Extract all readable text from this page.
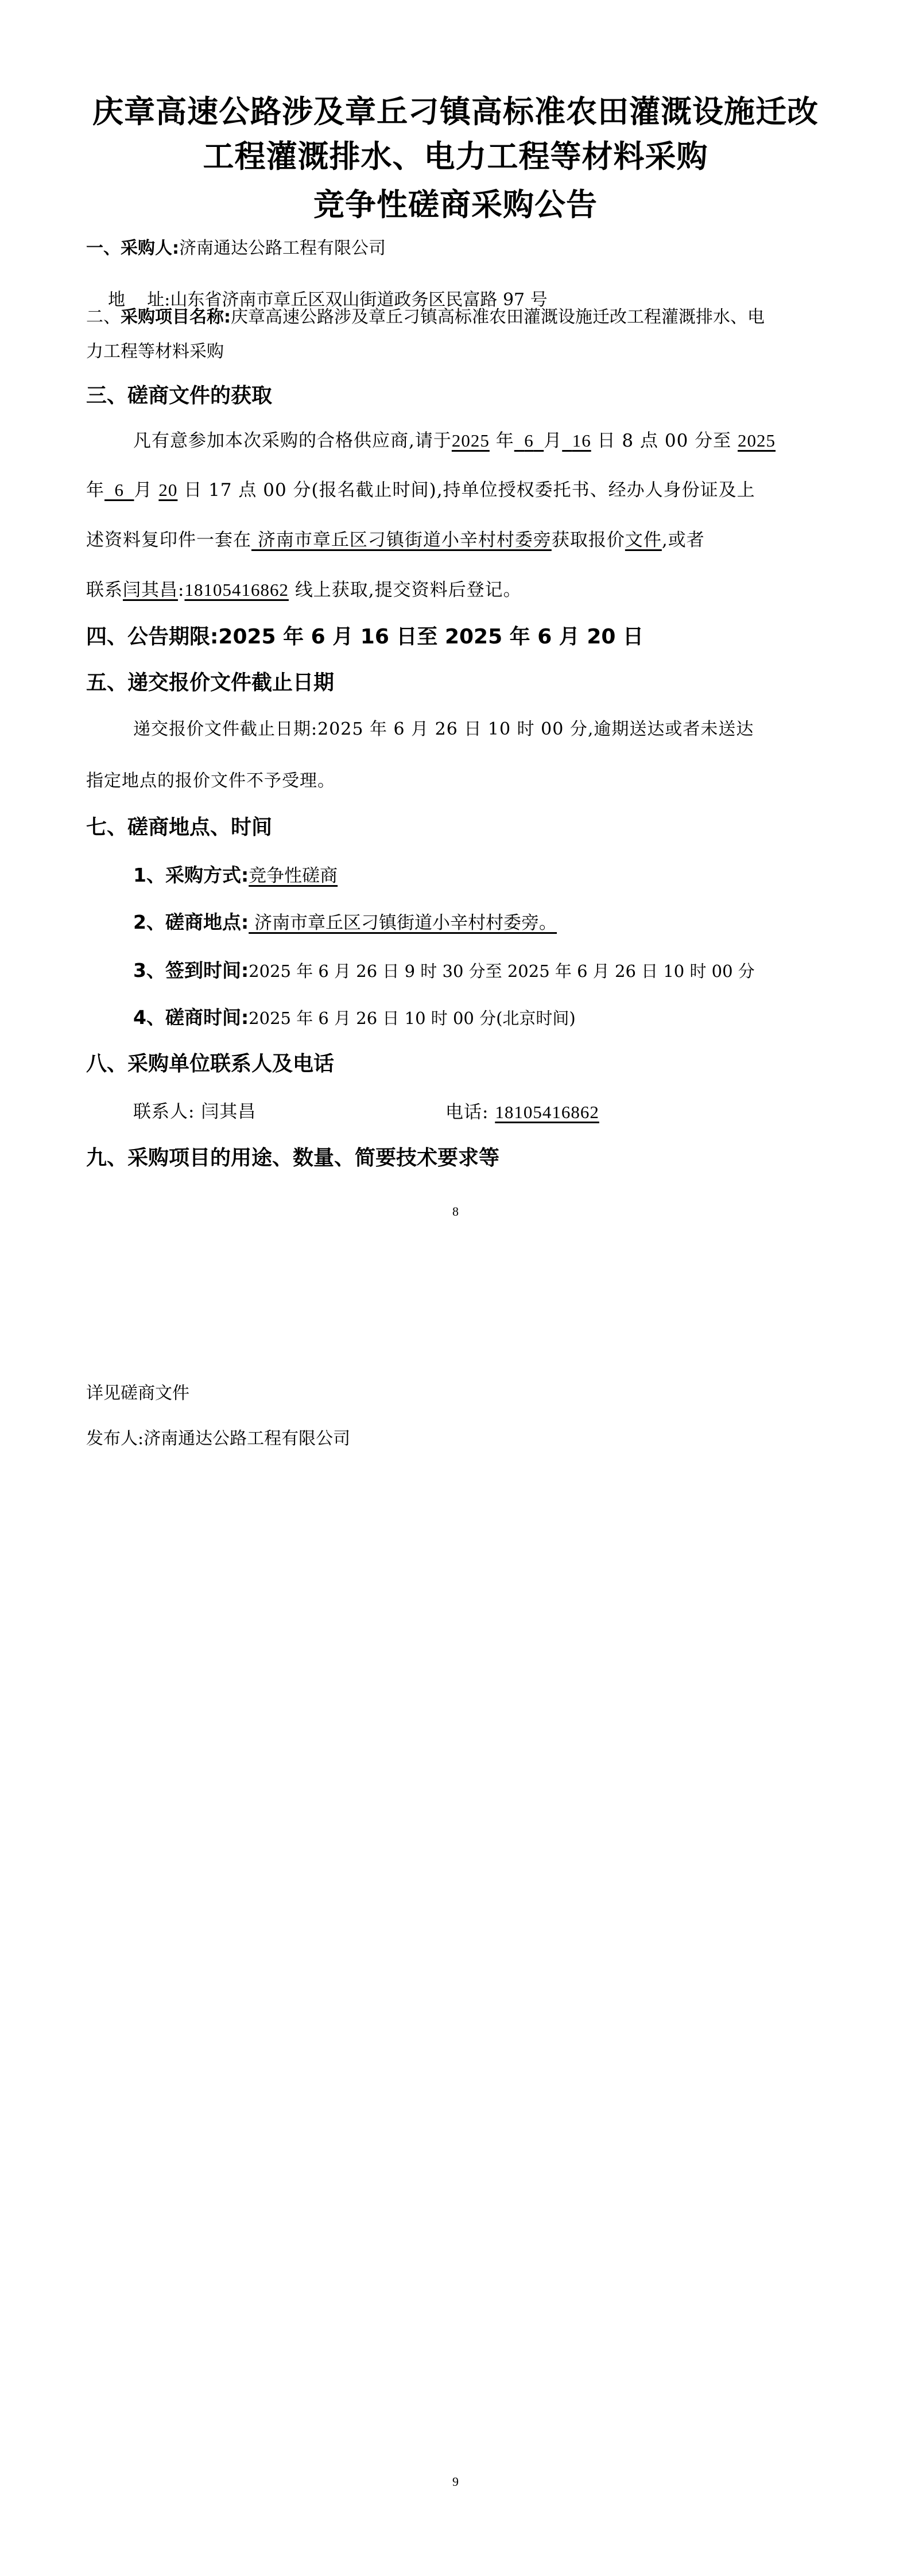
庆章高速公路涉及章丘刁镇高标准农田灌溉设施迁改
工程灌溉排水、电力工程等材料采购
竞争性磋商采购公告
一、采购人:济南通达公路工程有限公司

地    址:山东省济南市章丘区双山街道政务区民富路 97 号

二、采购项目名称:庆章高速公路涉及章丘刁镇高标准农田灌溉设施迁改工程灌溉排水、电
力工程等材料采购
三、磋商文件的获取
凡有意参加本次采购的合格供应商,请于2025 年 6 月 16 日 8 点 00 分至 2025
年 6 月 20 日 17 点 00 分(报名截止时间),持单位授权委托书、经办人身份证及上
述资料复印件一套在 济南市章丘区刁镇街道小辛村村委旁获取报价文件,或者
联系闫其昌:18105416862 线上获取,提交资料后登记。
四、公告期限:2025 年 6 月 16 日至 2025 年 6 月 20 日
五、递交报价文件截止日期
递交报价文件截止日期:2025 年 6 月 26 日 10 时 00 分,逾期送达或者未送达
指定地点的报价文件不予受理。
七、磋商地点、时间
1、采购方式:竞争性磋商
2、磋商地点: 济南市章丘区刁镇街道小辛村村委旁。
3、签到时间:2025 年 6 月 26 日 9 时 30 分至 2025 年 6 月 26 日 10 时 00 分
4、磋商时间:2025 年 6 月 26 日 10 时 00 分(北京时间)
八、采购单位联系人及电话
联系人: 闫其昌	电话: 18105416862
九、采购项目的用途、数量、简要技术要求等
8
详见磋商文件
发布人:济南通达公路工程有限公司
9
